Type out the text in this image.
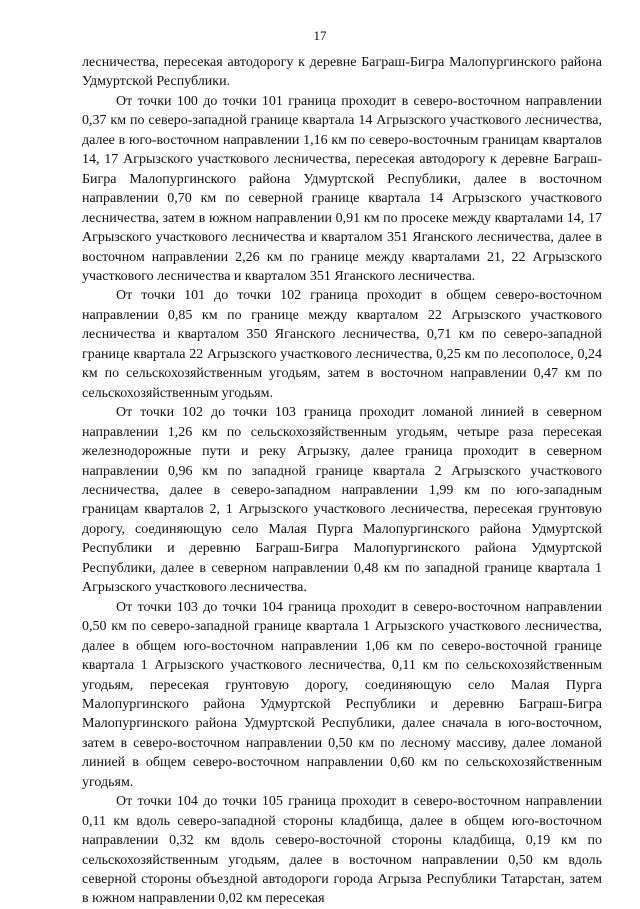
17

лесничества, пересекая автодорогу к деревне Баграш-Бигра Малопургинского района Удмуртской Республики.

От точки 100 до точки 101 граница проходит в северо-восточном направлении 0,37 км по северо-западной границе квартала 14 Агрызского участкового лесничества, далее в юго-восточном направлении 1,16 км по северо-восточным границам кварталов 14, 17 Агрызского участкового лесничества, пересекая автодорогу к деревне Баграш-Бигра Малопургинского района Удмуртской Республики, далее в восточном направлении 0,70 км по северной границе квартала 14 Агрызского участкового лесничества, затем в южном направлении 0,91 км по просеке между кварталами 14, 17 Агрызского участкового лесничества и кварталом 351 Яганского лесничества, далее в восточном направлении 2,26 км по границе между кварталами 21, 22 Агрызского участкового лесничества и кварталом 351 Яганского лесничества.

От точки 101 до точки 102 граница проходит в общем северо-восточном направлении 0,85 км по границе между кварталом 22 Агрызского участкового лесничества и кварталом 350 Яганского лесничества, 0,71 км по северо-западной границе квартала 22 Агрызского участкового лесничества, 0,25 км по лесополосе, 0,24 км по сельскохозяйственным угодьям, затем в восточном направлении 0,47 км по сельскохозяйственным угодьям.

От точки 102 до точки 103 граница проходит ломаной линией в северном направлении 1,26 км по сельскохозяйственным угодьям, четыре раза пересекая железнодорожные пути и реку Агрызку, далее граница проходит в северном направлении 0,96 км по западной границе квартала 2 Агрызского участкового лесничества, далее в северо-западном направлении 1,99 км по юго-западным границам кварталов 2, 1 Агрызского участкового лесничества, пересекая грунтовую дорогу, соединяющую село Малая Пурга Малопургинского района Удмуртской Республики и деревню Баграш-Бигра Малопургинского района Удмуртской Республики, далее в северном направлении 0,48 км по западной границе квартала 1 Агрызского участкового лесничества.

От точки 103 до точки 104 граница проходит в северо-восточном направлении 0,50 км по северо-западной границе квартала 1 Агрызского участкового лесничества, далее в общем юго-восточном направлении 1,06 км по северо-восточной границе квартала 1 Агрызского участкового лесничества, 0,11 км по сельскохозяйственным угодьям, пересекая грунтовую дорогу, соединяющую село Малая Пурга Малопургинского района Удмуртской Республики и деревню Баграш-Бигра Малопургинского района Удмуртской Республики, далее сначала в юго-восточном, затем в северо-восточном направлении 0,50 км по лесному массиву, далее ломаной линией в общем северо-восточном направлении 0,60 км по сельскохозяйственным угодьям.

От точки 104 до точки 105 граница проходит в северо-восточном направлении 0,11 км вдоль северо-западной стороны кладбища, далее в общем юго-восточном направлении 0,32 км вдоль северо-восточной стороны кладбища, 0,19 км по сельскохозяйственным угодьям, далее в восточном направлении 0,50 км вдоль северной стороны объездной автодороги города Агрыза Республики Татарстан, затем в южном направлении 0,02 км пересекая
